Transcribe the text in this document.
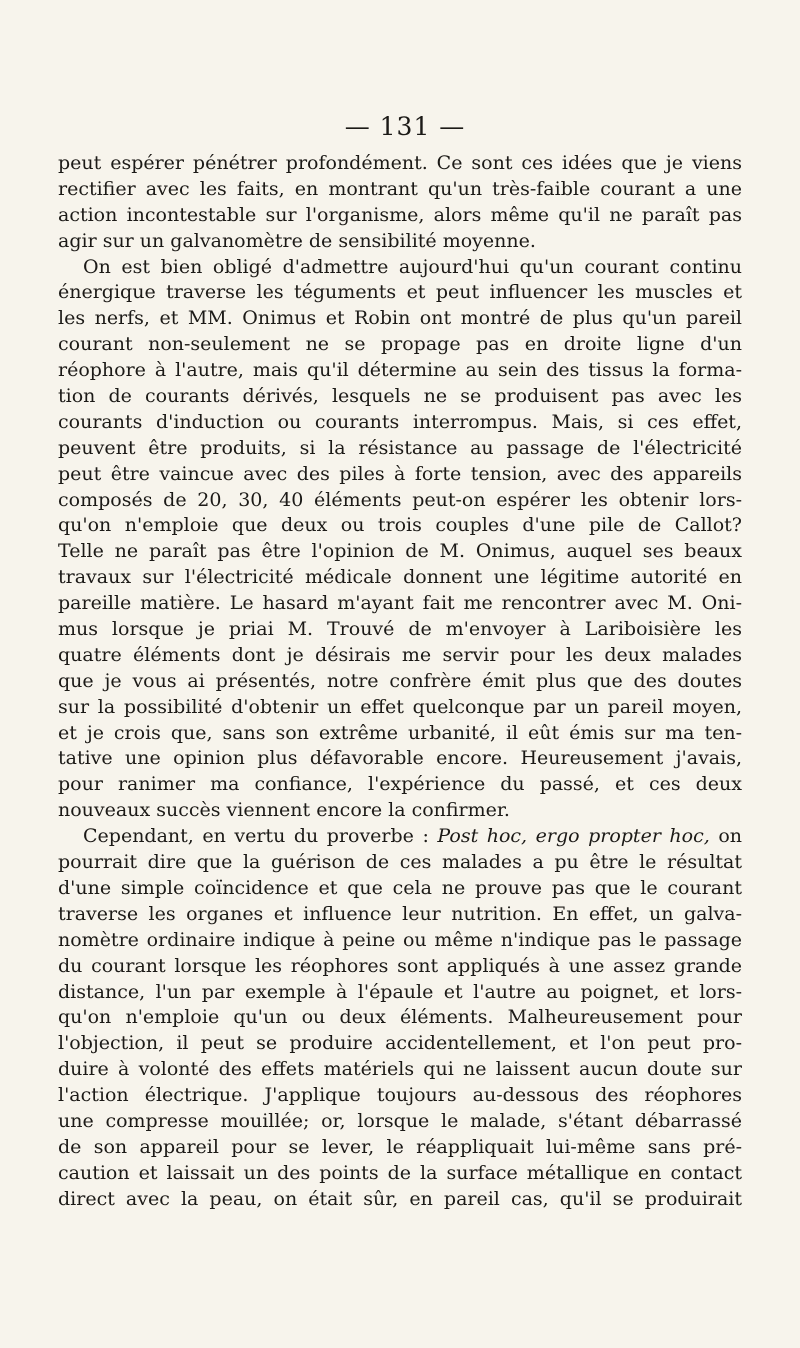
— 131 —
peut espérer pénétrer profondément. Ce sont ces idées que je viens
rectifier avec les faits, en montrant qu'un très-faible courant a une
action incontestable sur l'organisme, alors même qu'il ne paraît pas
agir sur un galvanomètre de sensibilité moyenne.
On est bien obligé d'admettre aujourd'hui qu'un courant continu
énergique traverse les téguments et peut influencer les muscles et
les nerfs, et MM. Onimus et Robin ont montré de plus qu'un pareil
courant non-seulement ne se propage pas en droite ligne d'un
réophore à l'autre, mais qu'il détermine au sein des tissus la forma-
tion de courants dérivés, lesquels ne se produisent pas avec les
courants d'induction ou courants interrompus. Mais, si ces effet,
peuvent être produits, si la résistance au passage de l'électricité
peut être vaincue avec des piles à forte tension, avec des appareils
composés de 20, 30, 40 éléments peut-on espérer les obtenir lors-
qu'on n'emploie que deux ou trois couples d'une pile de Callot?
Telle ne paraît pas être l'opinion de M. Onimus, auquel ses beaux
travaux sur l'électricité médicale donnent une légitime autorité en
pareille matière. Le hasard m'ayant fait me rencontrer avec M. Oni-
mus lorsque je priai M. Trouvé de m'envoyer à Lariboisière les
quatre éléments dont je désirais me servir pour les deux malades
que je vous ai présentés, notre confrère émit plus que des doutes
sur la possibilité d'obtenir un effet quelconque par un pareil moyen,
et je crois que, sans son extrême urbanité, il eût émis sur ma ten-
tative une opinion plus défavorable encore. Heureusement j'avais,
pour ranimer ma confiance, l'expérience du passé, et ces deux
nouveaux succès viennent encore la confirmer.
Cependant, en vertu du proverbe : Post hoc, ergo propter hoc, on
pourrait dire que la guérison de ces malades a pu être le résultat
d'une simple coïncidence et que cela ne prouve pas que le courant
traverse les organes et influence leur nutrition. En effet, un galva-
nomètre ordinaire indique à peine ou même n'indique pas le passage
du courant lorsque les réophores sont appliqués à une assez grande
distance, l'un par exemple à l'épaule et l'autre au poignet, et lors-
qu'on n'emploie qu'un ou deux éléments. Malheureusement pour
l'objection, il peut se produire accidentellement, et l'on peut pro-
duire à volonté des effets matériels qui ne laissent aucun doute sur
l'action électrique. J'applique toujours au-dessous des réophores
une compresse mouillée; or, lorsque le malade, s'étant débarrassé
de son appareil pour se lever, le réappliquait lui-même sans pré-
caution et laissait un des points de la surface métallique en contact
direct avec la peau, on était sûr, en pareil cas, qu'il se produirait
